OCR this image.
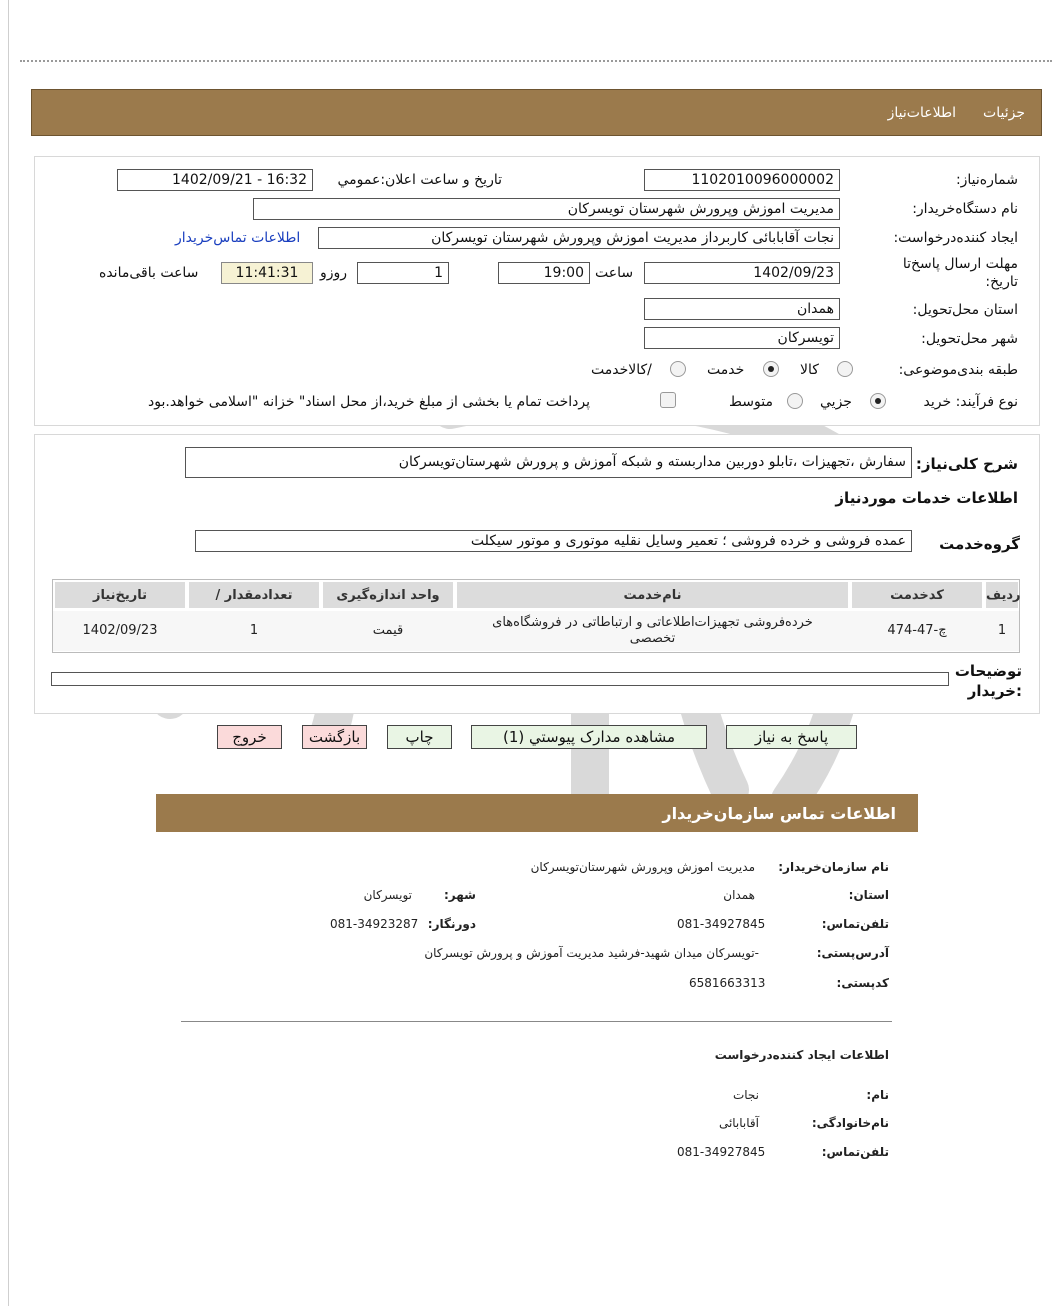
جزئيات
اطلاعات‌نیاز
شماره‌نیاز:
1102010096000002
تاریخ و ساعت اعلان:عمومي
1402/09/21 - 16:32
نام دستگاه‌خریدار:
مدیریت اموزش وپرورش شهرستان تویسرکان
ایجاد کننده‌درخواست:
نجات آقابابائی کاربرداز مدیریت اموزش وپرورش شهرستان تویسرکان
اطلاعات تماس‌خریدار
مهلت ارسال پاسخ‌تا
تاریخ:
1402/09/23
ساعت
19:00
1
روزو
11:41:31
ساعت باقی‌مانده
استان محل‌تحویل:
همدان
شهر محل‌تحویل:
تویسرکان
طبقه بندی‌موضوعی:
کالا
خدمت
/کالاخدمت
نوع فرآیند: خرید
جزيي
متوسط
پرداخت تمام یا بخشی از مبلغ خرید،از محل اسناد" خزانه "اسلامی خواهد.بود
شرح کلی‌نیاز:
سفارش ،تجهیزات ،تابلو دوربین مداربسته و شبکه آموزش و پرورش شهرستان‌تویسرکان
اطلاعات خدمات موردنیاز
گروه‌خدمت
عمده فروشی و خرده فروشی ؛ تعمیر وسایل نقلیه موتوری و موتور سیکلت
ردیف
کدخدمت
نام‌خدمت
واحد اندازه‌گیری
/ تعدادمقدار
تاریخ‌نیاز
1
چ-47-474
خرده‌فروشی تجهیزات‌اطلاعاتی و ارتباطاتی در فروشگاه‌های تخصصی
قیمت
1
1402/09/23
توضیحات
:خریدار
پاسخ به نیاز
مشاهده مدارک پیوستي (1)
چاپ
بازگشت
خروج
اطلاعات تماس سازمان‌خریدار
نام سازمان‌خریدار:
مدیریت اموزش وپرورش شهرستان‌تویسرکان
استان:
همدان
شهر:
تویسرکان
تلفن‌تماس:
081-34927845
دورنگار:
081-34923287
آدرس‌پستی:
-تویسرکان میدان شهید-فرشید مدیریت آموزش و پرورش تویسرکان
کد‌پستی:
6581663313
اطلاعات ایجاد کننده‌درخواست
نام:
نجات
نام‌خانوادگی:
آقابابائی
تلفن‌تماس:
081-34927845
